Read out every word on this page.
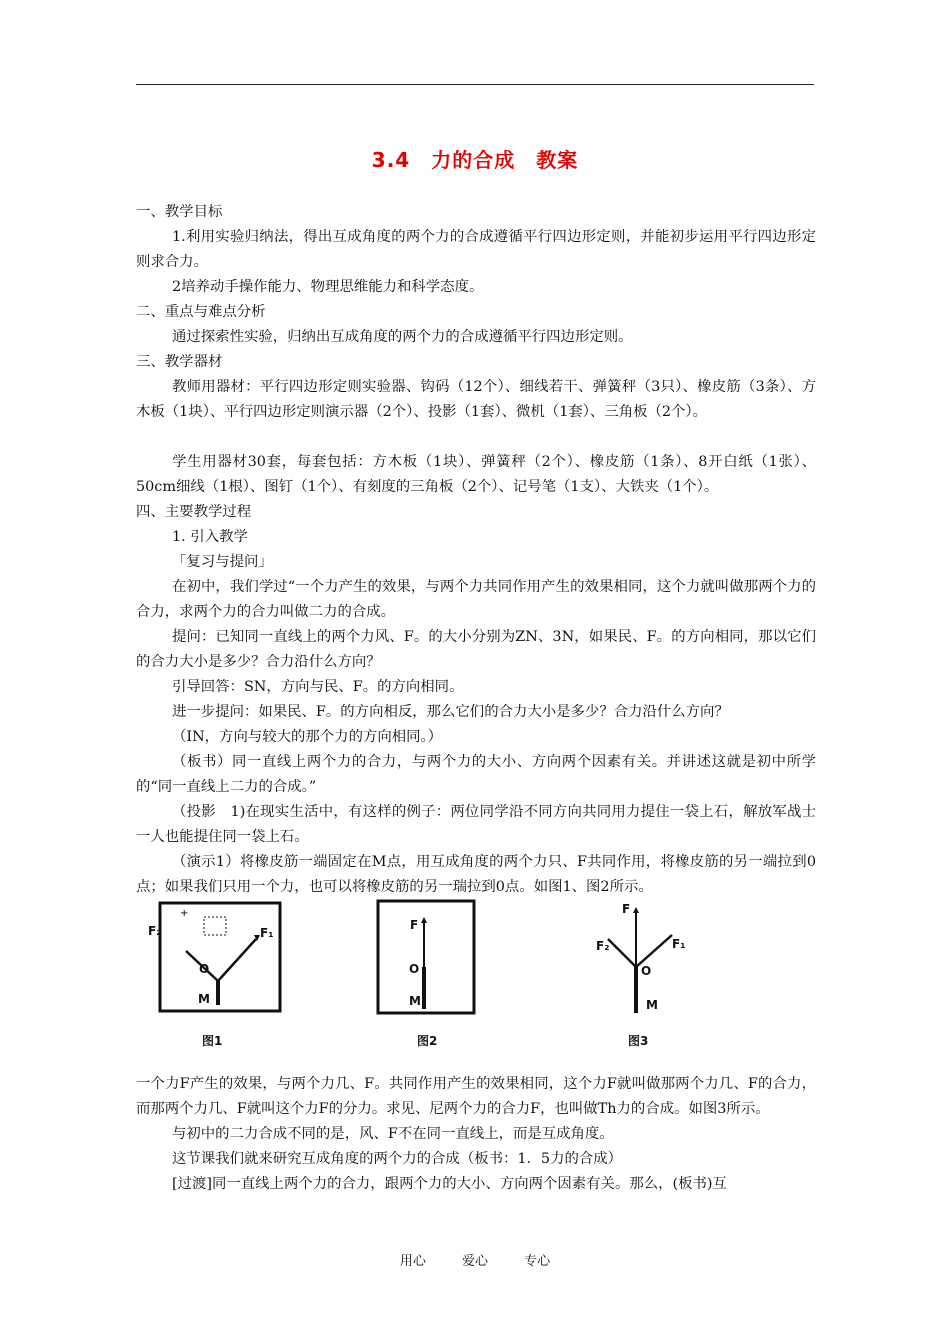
3.4　力的合成　教案

一、教学目标

1.利用实验归纳法，得出互成角度的两个力的合成遵循平行四边形定则，并能初步运用平行四边形定则求合力。

2培养动手操作能力、物理思维能力和科学态度。

二、重点与难点分析

通过探索性实验，归纳出互成角度的两个力的合成遵循平行四边形定则。

三、教学器材

教师用器材：平行四边形定则实验器、钩码（12个）、细线若干、弹簧秤（3只）、橡皮筋（3条）、方木板（1块）、平行四边形定则演示器（2个）、投影（1套）、微机（1套）、三角板（2个）。

学生用器材30套，每套包括：方木板（1块）、弹簧秤（2个）、橡皮筋（1条）、8开白纸（1张）、50cm细线（1根）、图钉（1个）、有刻度的三角板（2个）、记号笔（1支）、大铁夹（1个）。

四、主要教学过程

1. 引入教学

「复习与提问」

在初中，我们学过“一个力产生的效果，与两个力共同作用产生的效果相同，这个力就叫做那两个力的合力，求两个力的合力叫做二力的合成。

提问：已知同一直线上的两个力风、F。的大小分别为ZN、3N，如果民、F。的方向相同，那以它们的合力大小是多少？合力沿什么方向？

引导回答：SN，方向与民、F。的方向相同。

进一步提问：如果民、F。的方向相反，那么它们的合力大小是多少？合力沿什么方向？

（IN，方向与较大的那个力的方向相同。）

（板书）同一直线上两个力的合力，与两个力的大小、方向两个因素有关。并讲述这就是初中所学的“同一直线上二力的合成。”

（投影　1)在现实生活中，有这样的例子：两位同学沿不同方向共同用力提住一袋上石，解放军战士一人也能提住同一袋上石。

（演示1）将橡皮筋一端固定在M点，用互成角度的两个力只、F共同作用，将橡皮筋的另一端拉到0点；如果我们只用一个力，也可以将橡皮筋的另一瑞拉到0点。如图1、图2所示。

+
F₂	F₁
O
M
图1
F
O
M
图2
F
F₂	F₁
O
M
图3

一个力F产生的效果，与两个力几、F。共同作用产生的效果相同，这个力F就叫做那两个力几、F的合力，而那两个力几、F就叫这个力F的分力。求见、尼两个力的合力F，也叫做Th力的合成。如图3所示。

与初中的二力合成不同的是，风、F不在同一直线上，而是互成角度。

这节课我们就来研究互成角度的两个力的合成（板书：1．5力的合成）

[过渡]同一直线上两个力的合力，跟两个力的大小、方向两个因素有关。那么，(板书)互

用心	爱心	专心
